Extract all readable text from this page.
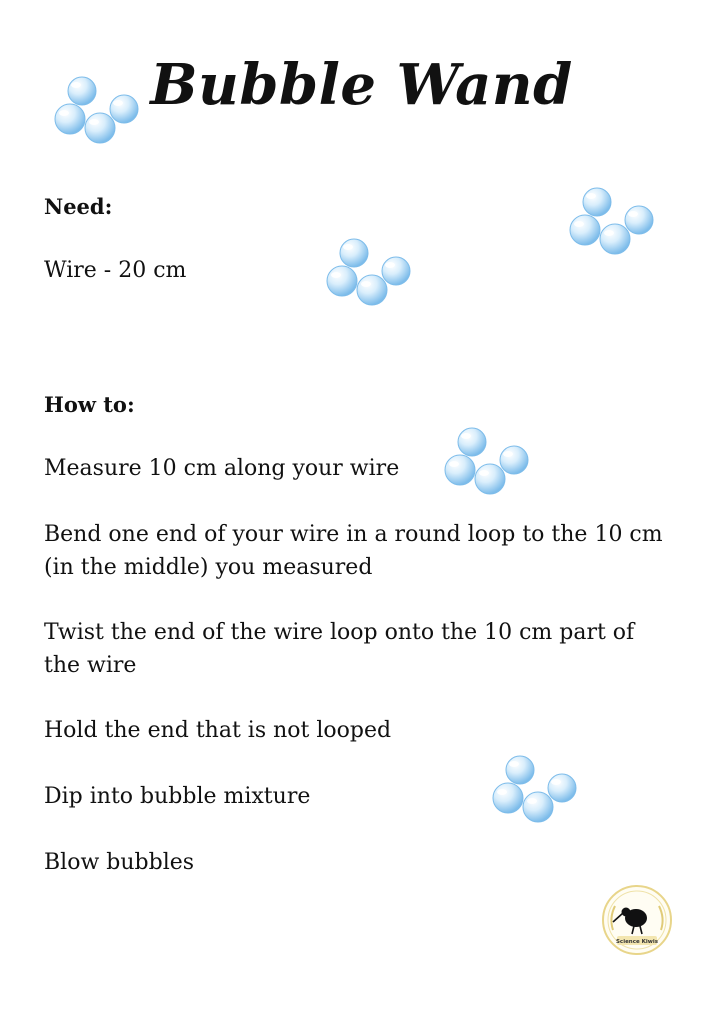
Bubble Wand

Need:

Wire - 20 cm

How to:

Measure 10 cm along your wire

Bend one end of your wire in a round loop to the 10 cm (in the middle) you measured

Twist the end of the wire loop onto the 10 cm part of the wire

Hold the end that is not looped

Dip into bubble mixture

Blow bubbles

Science Kiwis
